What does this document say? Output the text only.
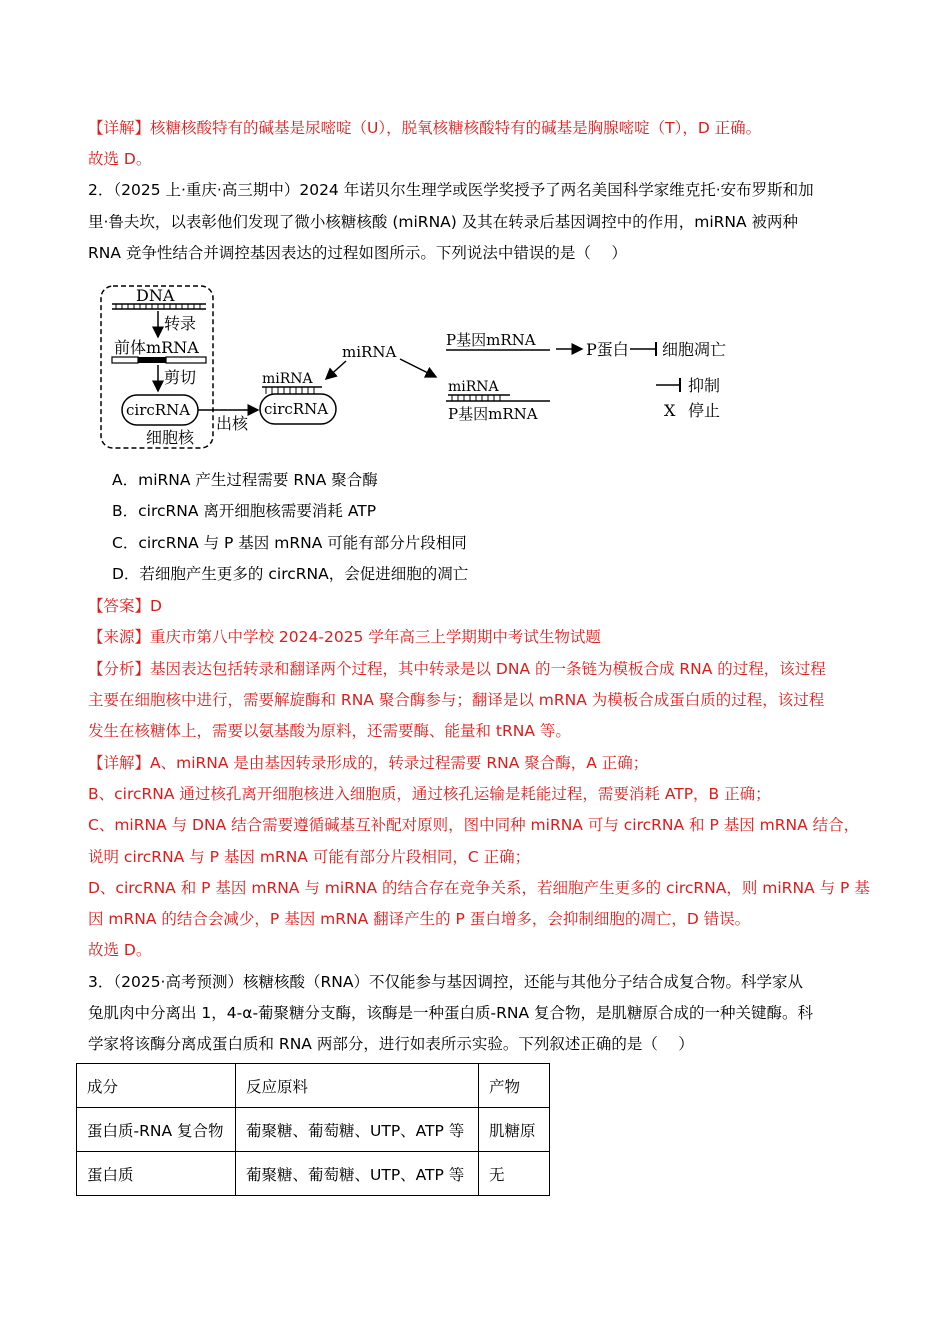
【详解】核糖核酸特有的碱基是尿嘧啶（U），脱氧核糖核酸特有的碱基是胸腺嘧啶（T），D 正确。
故选 D。
2．（2025 上·重庆·高三期中）2024 年诺贝尔生理学或医学奖授予了两名美国科学家维克托·安布罗斯和加
里·鲁夫坎，以表彰他们发现了微小核糖核酸 (miRNA) 及其在转录后基因调控中的作用，miRNA 被两种
RNA 竞争性结合并调控基因表达的过程如图所示。下列说法中错误的是（　 ）
DNA
转录
前体mRNA
剪切
circRNA
细胞核
出核
miRNA
circRNA
miRNA
P基因mRNA	P蛋白 细胞凋亡
miRNA
P基因mRNA
抑制
X 停止
A．miRNA 产生过程需要 RNA 聚合酶
B．circRNA 离开细胞核需要消耗 ATP
C．circRNA 与 P 基因 mRNA 可能有部分片段相同
D．若细胞产生更多的 circRNA，会促进细胞的凋亡
【答案】D
【来源】重庆市第八中学校 2024-2025 学年高三上学期期中考试生物试题
【分析】基因表达包括转录和翻译两个过程，其中转录是以 DNA 的一条链为模板合成 RNA 的过程，该过程
主要在细胞核中进行，需要解旋酶和 RNA 聚合酶参与；翻译是以 mRNA 为模板合成蛋白质的过程，该过程
发生在核糖体上，需要以氨基酸为原料，还需要酶、能量和 tRNA 等。
【详解】A、miRNA 是由基因转录形成的，转录过程需要 RNA 聚合酶，A 正确；
B、circRNA 通过核孔离开细胞核进入细胞质，通过核孔运输是耗能过程，需要消耗 ATP，B 正确；
C、miRNA 与 DNA 结合需要遵循碱基互补配对原则，图中同种 miRNA 可与 circRNA 和 P 基因 mRNA 结合，
说明 circRNA 与 P 基因 mRNA 可能有部分片段相同，C 正确；
D、circRNA 和 P 基因 mRNA 与 miRNA 的结合存在竞争关系，若细胞产生更多的 circRNA，则 miRNA 与 P 基
因 mRNA 的结合会减少，P 基因 mRNA 翻译产生的 P 蛋白增多，会抑制细胞的凋亡，D 错误。
故选 D。
3．（2025·高考预测）核糖核酸（RNA）不仅能参与基因调控，还能与其他分子结合成复合物。科学家从
兔肌肉中分离出 1，4-α-葡聚糖分支酶，该酶是一种蛋白质-RNA 复合物，是肌糖原合成的一种关键酶。科
学家将该酶分离成蛋白质和 RNA 两部分，进行如表所示实验。下列叙述正确的是（　 ）
成分	反应原料	产物
蛋白质-RNA 复合物	葡聚糖、葡萄糖、UTP、ATP 等	肌糖原
蛋白质	葡聚糖、葡萄糖、UTP、ATP 等	无
